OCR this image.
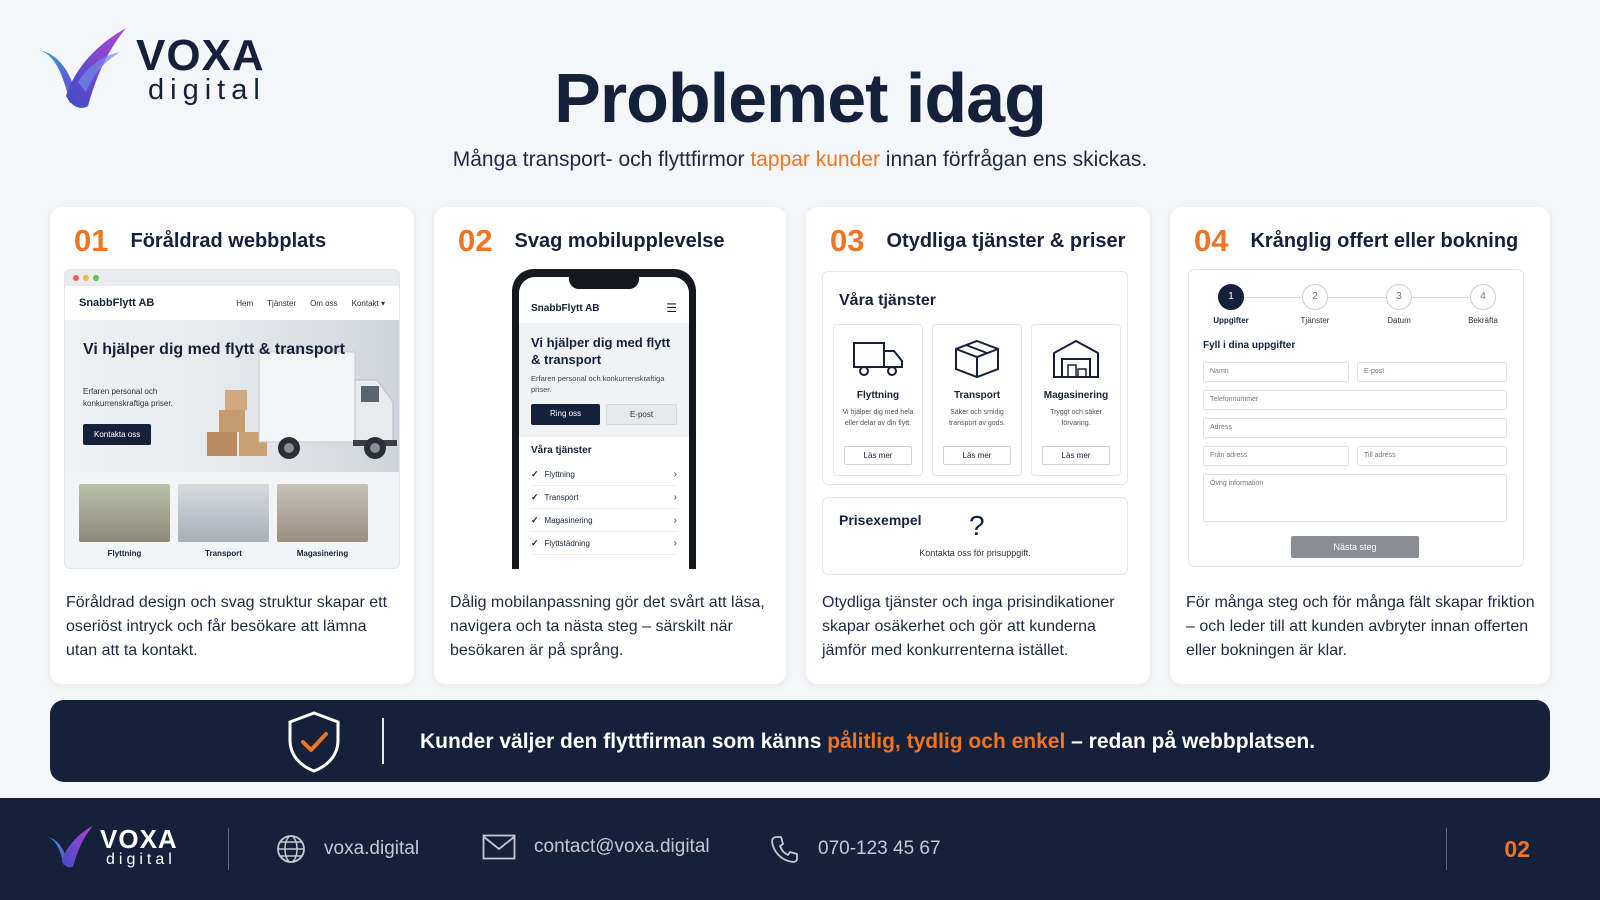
VOXA
digital	Problemet idag
Många transport- och flyttfirmor tappar kunder innan förfrågan ens skickas.
01 Föråldrad webbplats
SnabbFlytt AB	Hem Tjänster Om oss Kontakt ▾
Vi hjälper dig med flytt & transport

Erfaren personal och konkurrenskraftiga priser.

Kontakta oss
Flyttning	Transport	Magasinering
Föråldrad design och svag struktur skapar ett oseriöst intryck och får besökare att lämna utan att ta kontakt.
02 Svag mobilupplevelse
SnabbFlytt AB	☰
Vi hjälper dig med flytt & transport

Erfaren personal och konkurrenskraftiga priser.

Ring oss	E-post
Våra tjänster
✓ Flyttning	›
✓ Transport	›
✓ Magasinering	›
✓ Flyttstädning	›
Dålig mobilanpassning gör det svårt att läsa, navigera och ta nästa steg – särskilt när besökaren är på språng.
03 Otydliga tjänster & priser
Våra tjänster
Flyttning
Vi hjälper dig med hela eller delar av din flytt.
Läs mer
Transport
Säker och smidig transport av gods.
Läs mer
Magasinering
Tryggt och säker förvaring.
Läs mer
Prisexempel ?
Kontakta oss för prisuppgift.
Otydliga tjänster och inga prisindikationer skapar osäkerhet och gör att kunderna jämför med konkurrenterna istället.
04 Krånglig offert eller bokning
1
Uppgifter
2
Tjänster
3
Datum
4
Bekräfta
Fyll i dina uppgifter
Namn	E-post
Telefonnummer
Adress
Från adress	Till adress
Övrig information
Nästa steg
För många steg och för många fält skapar friktion – och leder till att kunden avbryter innan offerten eller bokningen är klar.
Kunder väljer den flyttfirman som känns pålitlig, tydlig och enkel – redan på webbplatsen.
VOXA
digital
voxa.digital	contact@voxa.digital	070-123 45 67	02
